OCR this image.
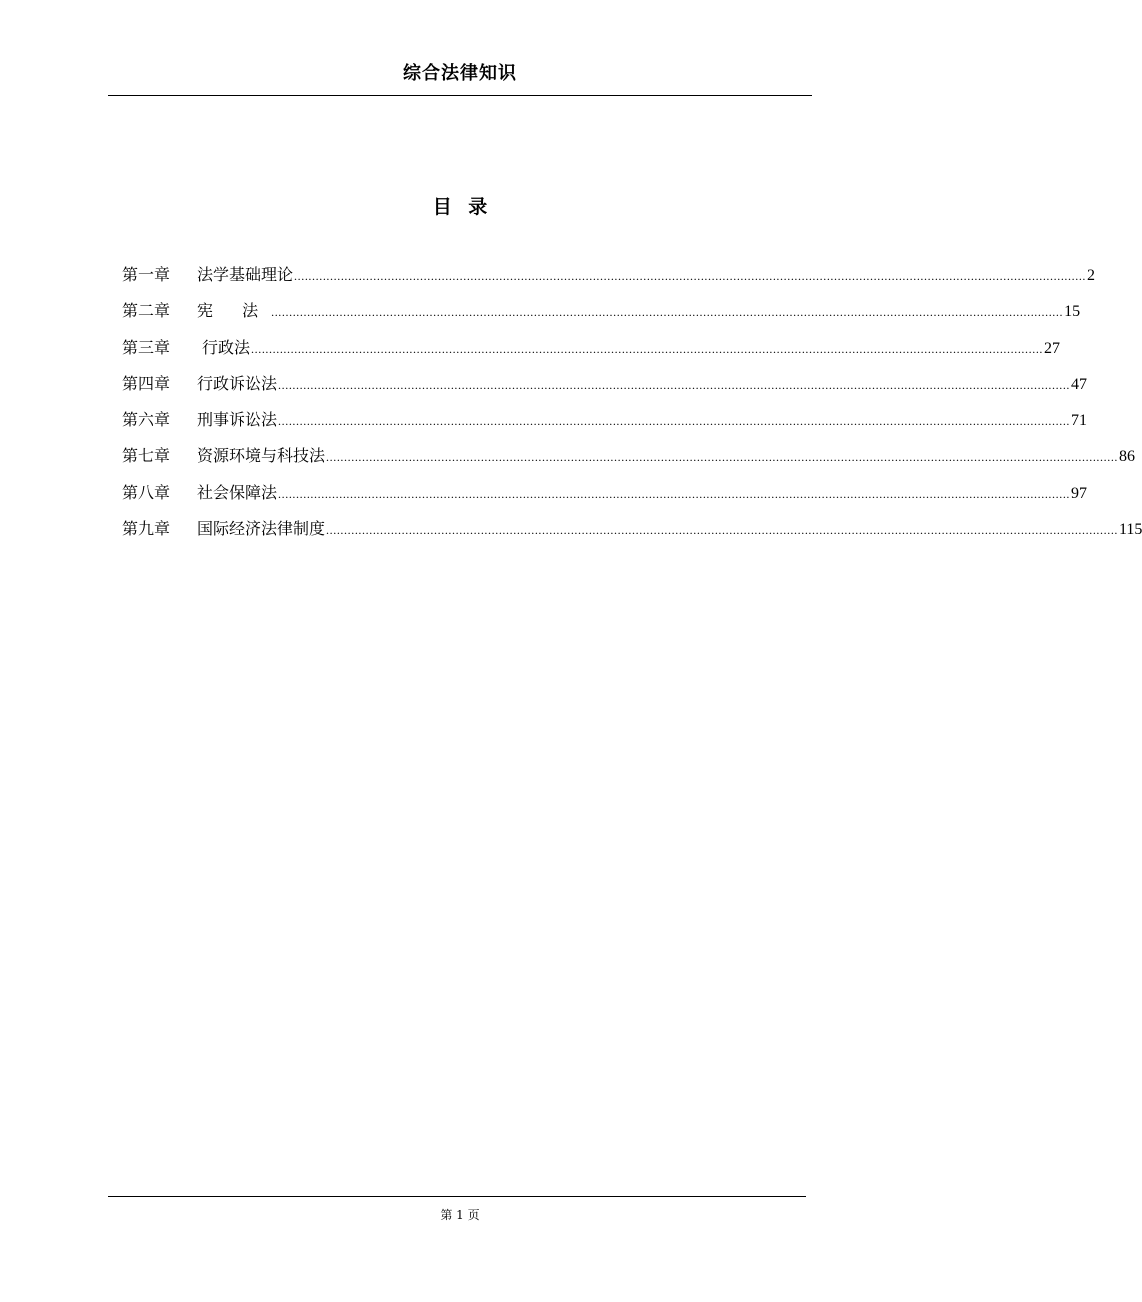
综合法律知识
目 录
第一章	法学基础理论 ............................................................................................................................................................................................................................ 2
第二章	宪 法 ............................................................................................................................................................................................................................ 15
第三章	行政法 ............................................................................................................................................................................................................................ 27
第四章	行政诉讼法 ............................................................................................................................................................................................................................ 47
第六章	刑事诉讼法 ............................................................................................................................................................................................................................ 71
第七章	资源环境与科技法 ............................................................................................................................................................................................................................ 86
第八章	社会保障法 ............................................................................................................................................................................................................................ 97
第九章	国际经济法律制度 ............................................................................................................................................................................................................................ 115
第 1 页
